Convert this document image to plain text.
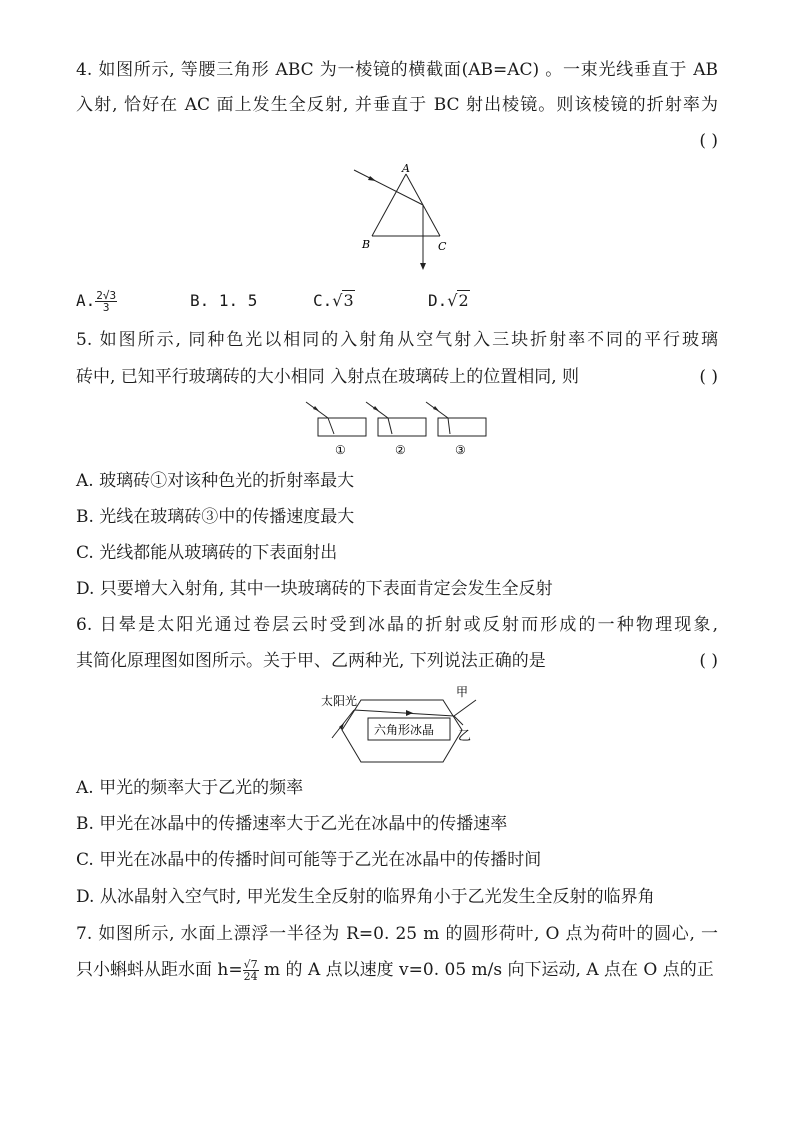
4. 如图所示, 等腰三角形 ABC 为一棱镜的横截面(AB=AC) 。一束光线垂直于 AB
入射, 恰好在 AC 面上发生全反射, 并垂直于 BC 射出棱镜。则该棱镜的折射率为
( )
A
B	C
A. $\frac{2√3}{3}$	B. 1. 5	C.√3	D.√2
5. 如图所示, 同种色光以相同的入射角从空气射入三块折射率不同的平行玻璃
砖中, 已知平行玻璃砖的大小相同 入射点在玻璃砖上的位置相同, 则	( )
①	②	③
A. 玻璃砖①对该种色光的折射率最大
B. 光线在玻璃砖③中的传播速度最大
C. 光线都能从玻璃砖的下表面射出
D. 只要增大入射角, 其中一块玻璃砖的下表面肯定会发生全反射
6. 日晕是太阳光通过卷层云时受到冰晶的折射或反射而形成的一种物理现象,
其简化原理图如图所示。关于甲、乙两种光, 下列说法正确的是	( )
太阳光
六角形冰晶
甲
乙
A. 甲光的频率大于乙光的频率
B. 甲光在冰晶中的传播速率大于乙光在冰晶中的传播速率
C. 甲光在冰晶中的传播时间可能等于乙光在冰晶中的传播时间
D. 从冰晶射入空气时, 甲光发生全反射的临界角小于乙光发生全反射的临界角
7. 如图所示, 水面上漂浮一半径为 R=0. 25 m 的圆形荷叶, O 点为荷叶的圆心, 一
只小蝌蚪从距水面 $h= \frac{√7}{24}$ m 的 A 点以速度 v=0. 05 m/s 向下运动, A 点在 O 点的正
